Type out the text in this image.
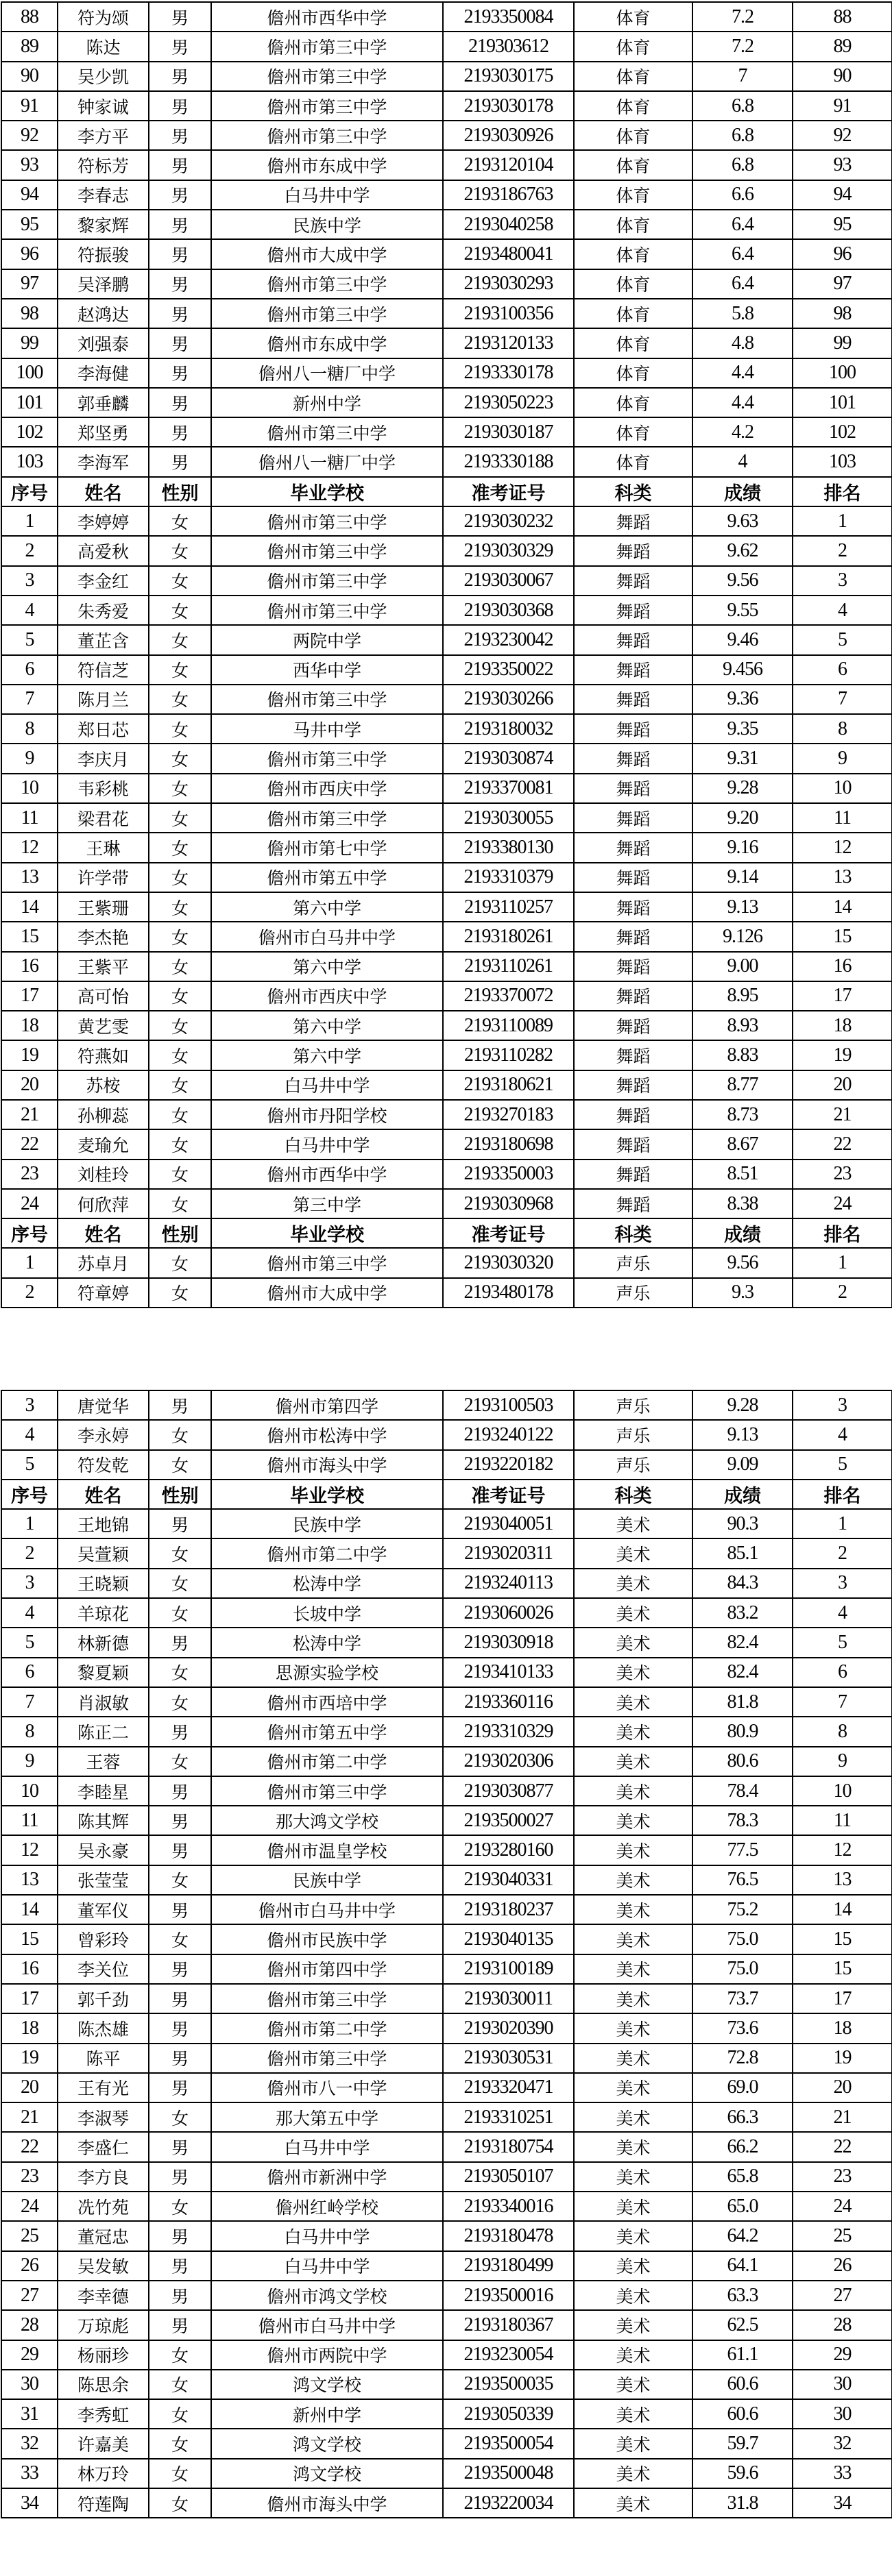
88	符为颂	男	儋州市西华中学	2193350084	体育	7.2	88
89	陈达	男	儋州市第三中学	219303612	体育	7.2	89
90	吴少凯	男	儋州市第三中学	2193030175	体育	7	90
91	钟家诚	男	儋州市第三中学	2193030178	体育	6.8	91
92	李方平	男	儋州市第三中学	2193030926	体育	6.8	92
93	符标芳	男	儋州市东成中学	2193120104	体育	6.8	93
94	李春志	男	白马井中学	2193186763	体育	6.6	94
95	黎家辉	男	民族中学	2193040258	体育	6.4	95
96	符振骏	男	儋州市大成中学	2193480041	体育	6.4	96
97	吴泽鹏	男	儋州市第三中学	2193030293	体育	6.4	97
98	赵鸿达	男	儋州市第三中学	2193100356	体育	5.8	98
99	刘强泰	男	儋州市东成中学	2193120133	体育	4.8	99
100	李海健	男	儋州八一糖厂中学	2193330178	体育	4.4	100
101	郭垂麟	男	新州中学	2193050223	体育	4.4	101
102	郑坚勇	男	儋州市第三中学	2193030187	体育	4.2	102
103	李海军	男	儋州八一糖厂中学	2193330188	体育	4	103
序号	姓名	性别	毕业学校	准考证号	科类	成绩	排名
1	李婷婷	女	儋州市第三中学	2193030232	舞蹈	9.63	1
2	高爱秋	女	儋州市第三中学	2193030329	舞蹈	9.62	2
3	李金红	女	儋州市第三中学	2193030067	舞蹈	9.56	3
4	朱秀爱	女	儋州市第三中学	2193030368	舞蹈	9.55	4
5	董芷含	女	两院中学	2193230042	舞蹈	9.46	5
6	符信芝	女	西华中学	2193350022	舞蹈	9.456	6
7	陈月兰	女	儋州市第三中学	2193030266	舞蹈	9.36	7
8	郑日芯	女	马井中学	2193180032	舞蹈	9.35	8
9	李庆月	女	儋州市第三中学	2193030874	舞蹈	9.31	9
10	韦彩桃	女	儋州市西庆中学	2193370081	舞蹈	9.28	10
11	梁君花	女	儋州市第三中学	2193030055	舞蹈	9.20	11
12	王琳	女	儋州市第七中学	2193380130	舞蹈	9.16	12
13	许学带	女	儋州市第五中学	2193310379	舞蹈	9.14	13
14	王紫珊	女	第六中学	2193110257	舞蹈	9.13	14
15	李杰艳	女	儋州市白马井中学	2193180261	舞蹈	9.126	15
16	王紫平	女	第六中学	2193110261	舞蹈	9.00	16
17	高可怡	女	儋州市西庆中学	2193370072	舞蹈	8.95	17
18	黄艺雯	女	第六中学	2193110089	舞蹈	8.93	18
19	符燕如	女	第六中学	2193110282	舞蹈	8.83	19
20	苏桉	女	白马井中学	2193180621	舞蹈	8.77	20
21	孙柳蕊	女	儋州市丹阳学校	2193270183	舞蹈	8.73	21
22	麦瑜允	女	白马井中学	2193180698	舞蹈	8.67	22
23	刘桂玲	女	儋州市西华中学	2193350003	舞蹈	8.51	23
24	何欣萍	女	第三中学	2193030968	舞蹈	8.38	24
序号	姓名	性别	毕业学校	准考证号	科类	成绩	排名
1	苏卓月	女	儋州市第三中学	2193030320	声乐	9.56	1
2	符章婷	女	儋州市大成中学	2193480178	声乐	9.3	2
3	唐觉华	男	儋州市第四学	2193100503	声乐	9.28	3
4	李永婷	女	儋州市松涛中学	2193240122	声乐	9.13	4
5	符发乾	女	儋州市海头中学	2193220182	声乐	9.09	5
序号	姓名	性别	毕业学校	准考证号	科类	成绩	排名
1	王地锦	男	民族中学	2193040051	美术	90.3	1
2	吴萱颖	女	儋州市第二中学	2193020311	美术	85.1	2
3	王晓颖	女	松涛中学	2193240113	美术	84.3	3
4	羊琼花	女	长坡中学	2193060026	美术	83.2	4
5	林新德	男	松涛中学	2193030918	美术	82.4	5
6	黎夏颖	女	思源实验学校	2193410133	美术	82.4	6
7	肖淑敏	女	儋州市西培中学	2193360116	美术	81.8	7
8	陈正二	男	儋州市第五中学	2193310329	美术	80.9	8
9	王蓉	女	儋州市第二中学	2193020306	美术	80.6	9
10	李睦星	男	儋州市第三中学	2193030877	美术	78.4	10
11	陈其辉	男	那大鸿文学校	2193500027	美术	78.3	11
12	吴永豪	男	儋州市温皇学校	2193280160	美术	77.5	12
13	张莹莹	女	民族中学	2193040331	美术	76.5	13
14	董军仪	男	儋州市白马井中学	2193180237	美术	75.2	14
15	曾彩玲	女	儋州市民族中学	2193040135	美术	75.0	15
16	李关位	男	儋州市第四中学	2193100189	美术	75.0	15
17	郭千劲	男	儋州市第三中学	2193030011	美术	73.7	17
18	陈杰雄	男	儋州市第二中学	2193020390	美术	73.6	18
19	陈平	男	儋州市第三中学	2193030531	美术	72.8	19
20	王有光	男	儋州市八一中学	2193320471	美术	69.0	20
21	李淑琴	女	那大第五中学	2193310251	美术	66.3	21
22	李盛仁	男	白马井中学	2193180754	美术	66.2	22
23	李方良	男	儋州市新洲中学	2193050107	美术	65.8	23
24	冼竹苑	女	儋州红岭学校	2193340016	美术	65.0	24
25	董冠忠	男	白马井中学	2193180478	美术	64.2	25
26	吴发敏	男	白马井中学	2193180499	美术	64.1	26
27	李幸德	男	儋州市鸿文学校	2193500016	美术	63.3	27
28	万琼彪	男	儋州市白马井中学	2193180367	美术	62.5	28
29	杨丽珍	女	儋州市两院中学	2193230054	美术	61.1	29
30	陈思余	女	鸿文学校	2193500035	美术	60.6	30
31	李秀虹	女	新州中学	2193050339	美术	60.6	30
32	许嘉美	女	鸿文学校	2193500054	美术	59.7	32
33	林万玲	女	鸿文学校	2193500048	美术	59.6	33
34	符莲陶	女	儋州市海头中学	2193220034	美术	31.8	34
